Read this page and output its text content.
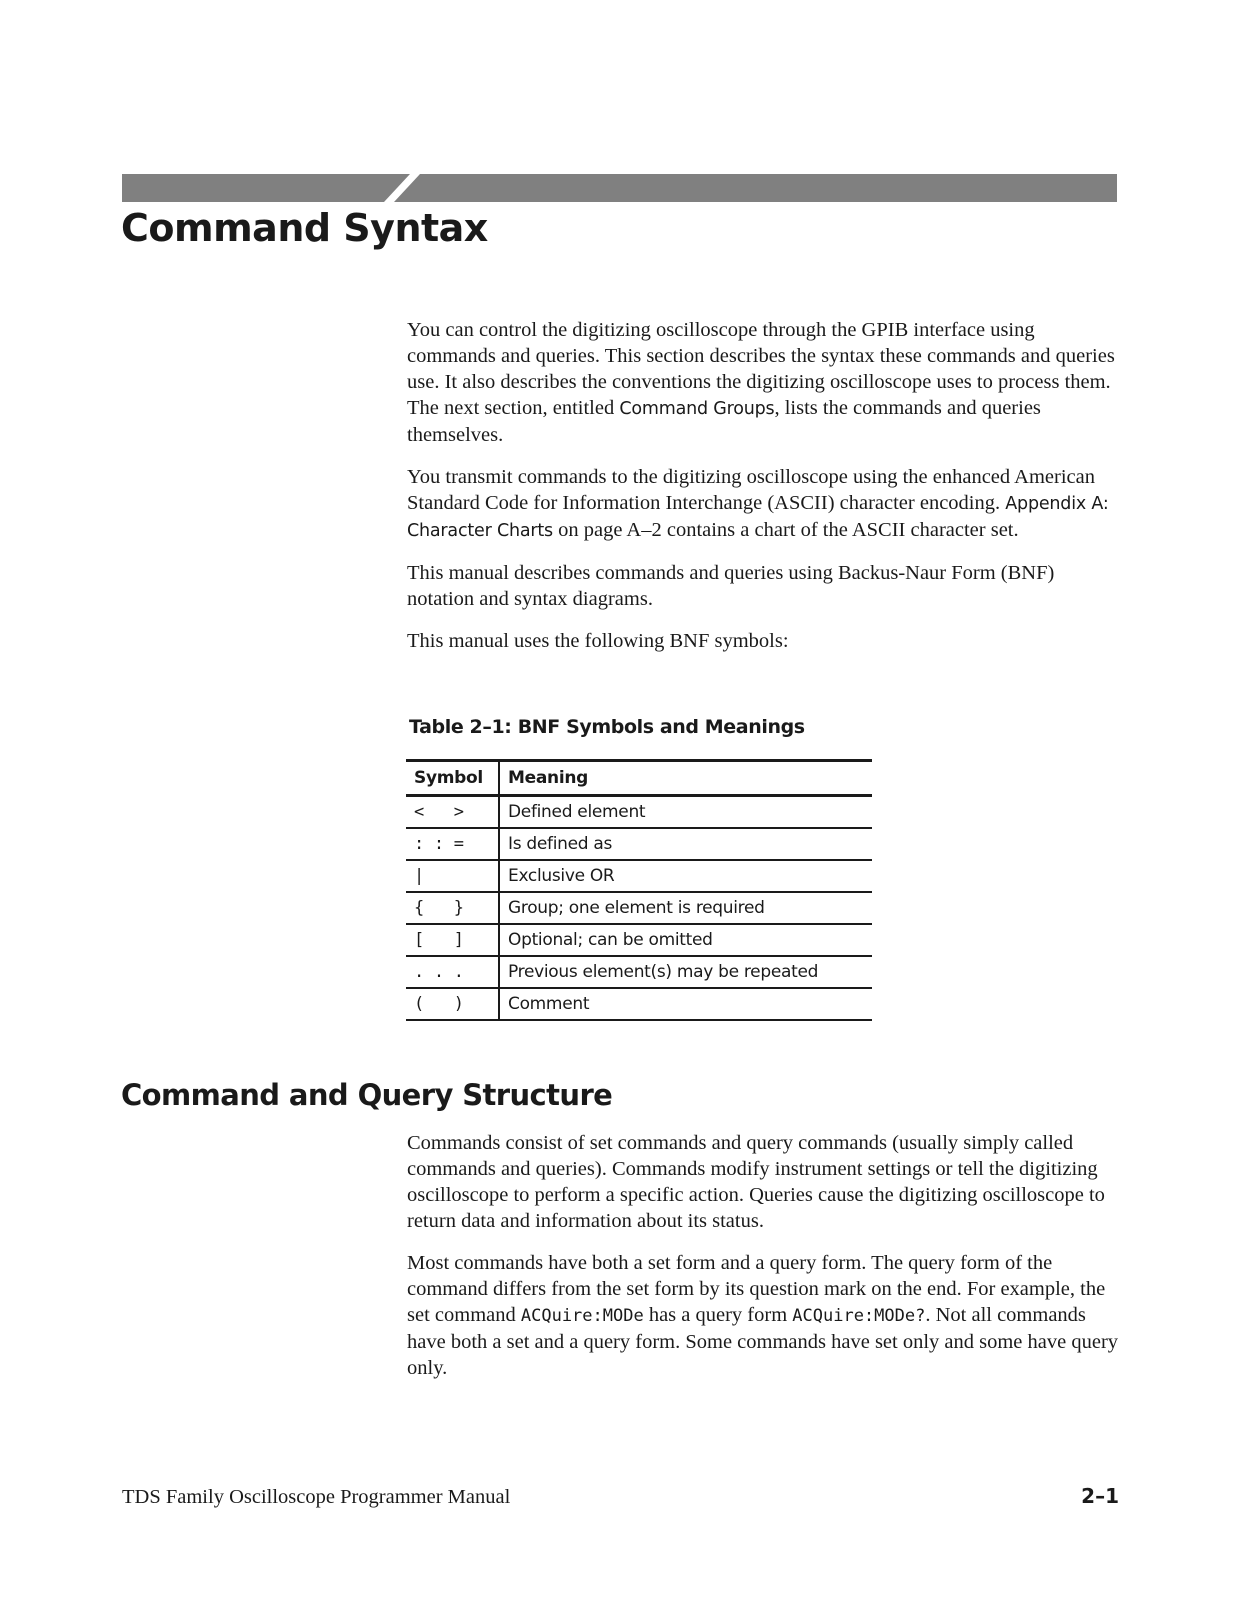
Command Syntax

You can control the digitizing oscilloscope through the GPIB interface using commands and queries. This section describes the syntax these commands and queries use. It also describes the conventions the digitizing oscilloscope uses to process them. The next section, entitled Command Groups, lists the commands and queries themselves.

You transmit commands to the digitizing oscilloscope using the enhanced American Standard Code for Information Interchange (ASCII) character encoding. Appendix A: Character Charts on page A–2 contains a chart of the ASCII character set.

This manual describes commands and queries using Backus-Naur Form (BNF) notation and syntax diagrams.

This manual uses the following BNF symbols:

Table 2–1: BNF Symbols and Meanings

Symbol	Meaning
<   >	Defined element
: : =	Is defined as
|	Exclusive OR
{   }	Group; one element is required
[   ]	Optional; can be omitted
. . .	Previous element(s) may be repeated
(   )	Comment
Command and Query Structure

Commands consist of set commands and query commands (usually simply called commands and queries). Commands modify instrument settings or tell the digitizing oscilloscope to perform a specific action. Queries cause the digitizing oscilloscope to return data and information about its status.

Most commands have both a set form and a query form. The query form of the command differs from the set form by its question mark on the end. For example, the set command ACQuire:MODe has a query form ACQuire:MODe?. Not all commands have both a set and a query form. Some commands have set only and some have query only.

TDS Family Oscilloscope Programmer Manual	2–1
